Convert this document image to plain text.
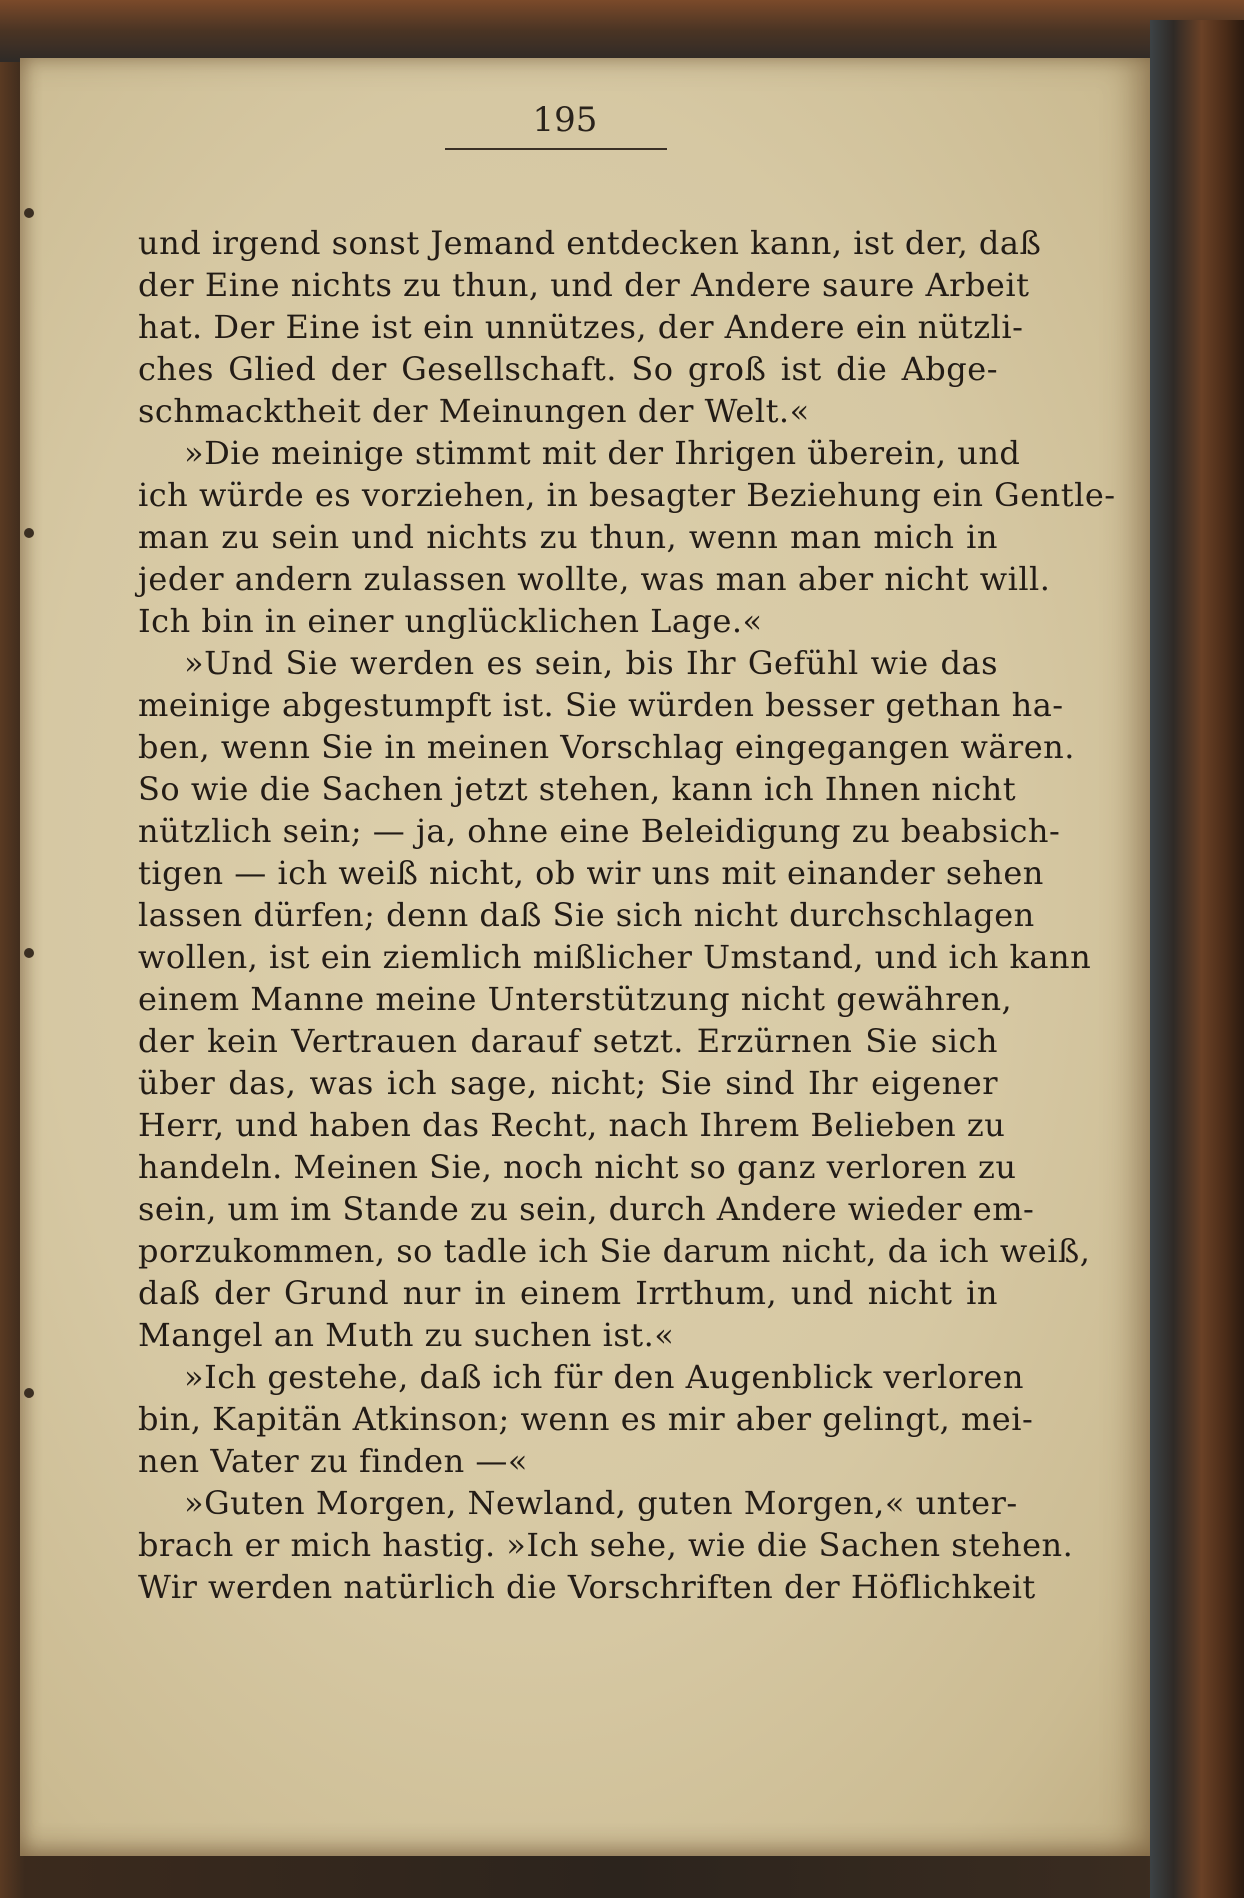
195
und irgend sonst Jemand entdecken kann, ist der, daß
der Eine nichts zu thun, und der Andere saure Arbeit
hat. Der Eine ist ein unnützes, der Andere ein nützli-
ches Glied der Gesellschaft. So groß ist die Abge-
schmacktheit der Meinungen der Welt.«
»Die meinige stimmt mit der Ihrigen überein, und
ich würde es vorziehen, in besagter Beziehung ein Gentle-
man zu sein und nichts zu thun, wenn man mich in
jeder andern zulassen wollte, was man aber nicht will.
Ich bin in einer unglücklichen Lage.«
»Und Sie werden es sein, bis Ihr Gefühl wie das
meinige abgestumpft ist. Sie würden besser gethan ha-
ben, wenn Sie in meinen Vorschlag eingegangen wären.
So wie die Sachen jetzt stehen, kann ich Ihnen nicht
nützlich sein; — ja, ohne eine Beleidigung zu beabsich-
tigen — ich weiß nicht, ob wir uns mit einander sehen
lassen dürfen; denn daß Sie sich nicht durchschlagen
wollen, ist ein ziemlich mißlicher Umstand, und ich kann
einem Manne meine Unterstützung nicht gewähren,
der kein Vertrauen darauf setzt. Erzürnen Sie sich
über das, was ich sage, nicht; Sie sind Ihr eigener
Herr, und haben das Recht, nach Ihrem Belieben zu
handeln. Meinen Sie, noch nicht so ganz verloren zu
sein, um im Stande zu sein, durch Andere wieder em-
porzukommen, so tadle ich Sie darum nicht, da ich weiß,
daß der Grund nur in einem Irrthum, und nicht in
Mangel an Muth zu suchen ist.«
»Ich gestehe, daß ich für den Augenblick verloren
bin, Kapitän Atkinson; wenn es mir aber gelingt, mei-
nen Vater zu finden —«
»Guten Morgen, Newland, guten Morgen,« unter-
brach er mich hastig. »Ich sehe, wie die Sachen stehen.
Wir werden natürlich die Vorschriften der Höflichkeit
